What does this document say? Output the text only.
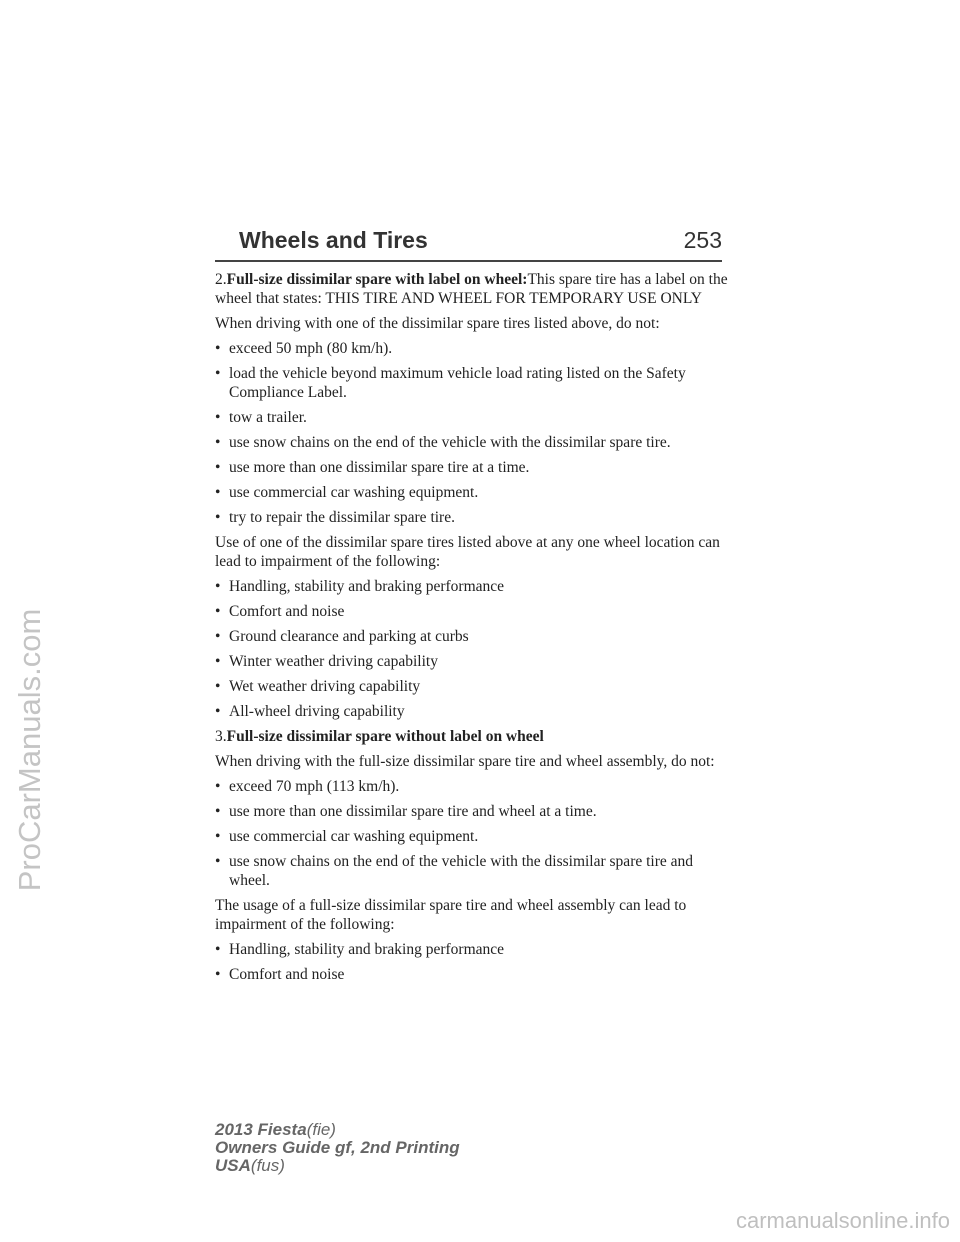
ProCarManuals.com
Wheels and Tires	253

2.Full-size dissimilar spare with label on wheel:This spare tire has a label on the wheel that states: THIS TIRE AND WHEEL FOR TEMPORARY USE ONLY

When driving with one of the dissimilar spare tires listed above, do not:

• exceed 50 mph (80 km/h).
• load the vehicle beyond maximum vehicle load rating listed on the Safety Compliance Label.
• tow a trailer.
• use snow chains on the end of the vehicle with the dissimilar spare tire.
• use more than one dissimilar spare tire at a time.
• use commercial car washing equipment.
• try to repair the dissimilar spare tire.

Use of one of the dissimilar spare tires listed above at any one wheel location can lead to impairment of the following:

• Handling, stability and braking performance
• Comfort and noise
• Ground clearance and parking at curbs
• Winter weather driving capability
• Wet weather driving capability
• All-wheel driving capability

3.Full-size dissimilar spare without label on wheel

When driving with the full-size dissimilar spare tire and wheel assembly, do not:

• exceed 70 mph (113 km/h).
• use more than one dissimilar spare tire and wheel at a time.
• use commercial car washing equipment.
• use snow chains on the end of the vehicle with the dissimilar spare tire and wheel.

The usage of a full-size dissimilar spare tire and wheel assembly can lead to impairment of the following:

• Handling, stability and braking performance
• Comfort and noise
2013 Fiesta(fie)
Owners Guide gf, 2nd Printing
USA(fus)
carmanualsonline.info
